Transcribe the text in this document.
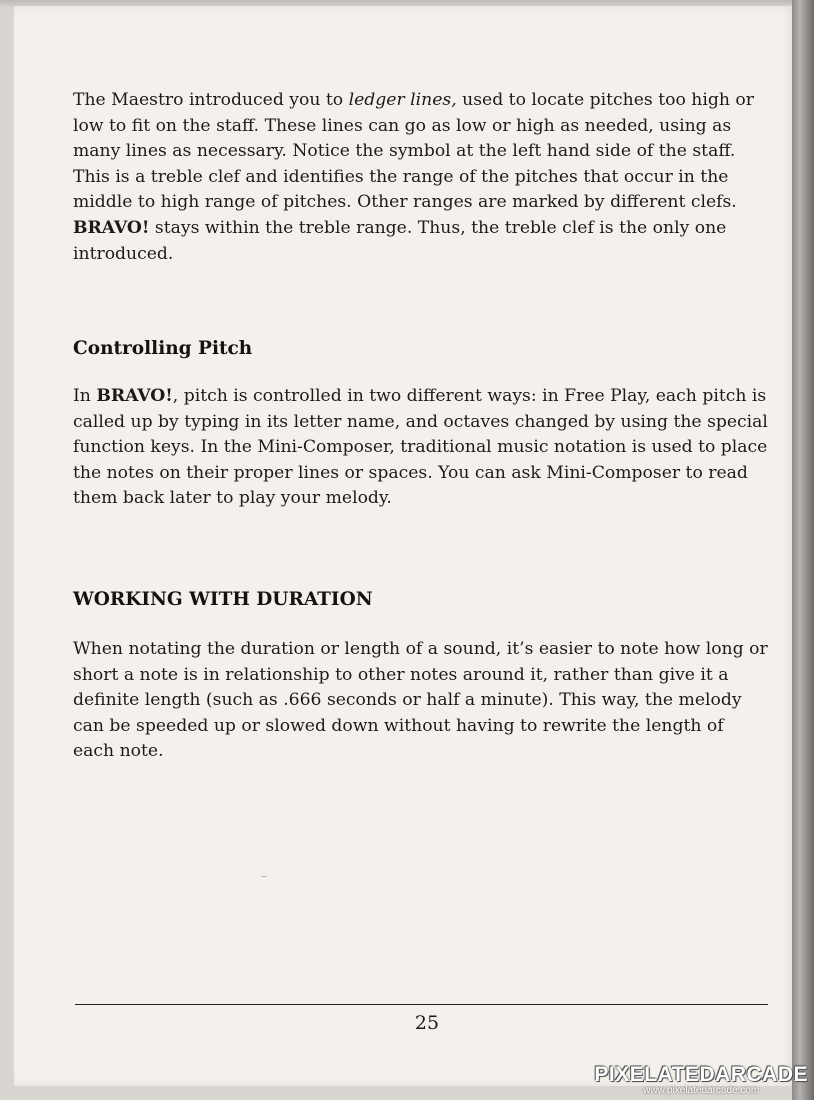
The Maestro introduced you to ledger lines, used to locate pitches too high or low to fit on the staff. These lines can go as low or high as needed, using as many lines as necessary. Notice the symbol at the left hand side of the staff. This is a treble clef and identifies the range of the pitches that occur in the middle to high range of pitches. Other ranges are marked by different clefs. BRAVO! stays within the treble range. Thus, the treble clef is the only one introduced.

Controlling Pitch

In BRAVO!, pitch is controlled in two different ways: in Free Play, each pitch is called up by typing in its letter name, and octaves changed by using the special function keys. In the Mini-Composer, traditional music notation is used to place the notes on their proper lines or spaces. You can ask Mini-Composer to read them back later to play your melody.

WORKING WITH DURATION

When notating the duration or length of a sound, it’s easier to note how long or short a note is in relationship to other notes around it, rather than give it a definite length (such as .666 seconds or half a minute). This way, the melody can be speeded up or slowed down without having to rewrite the length of each note.

25
PIXELATEDARCADE
www.pixelatedarcade.com
